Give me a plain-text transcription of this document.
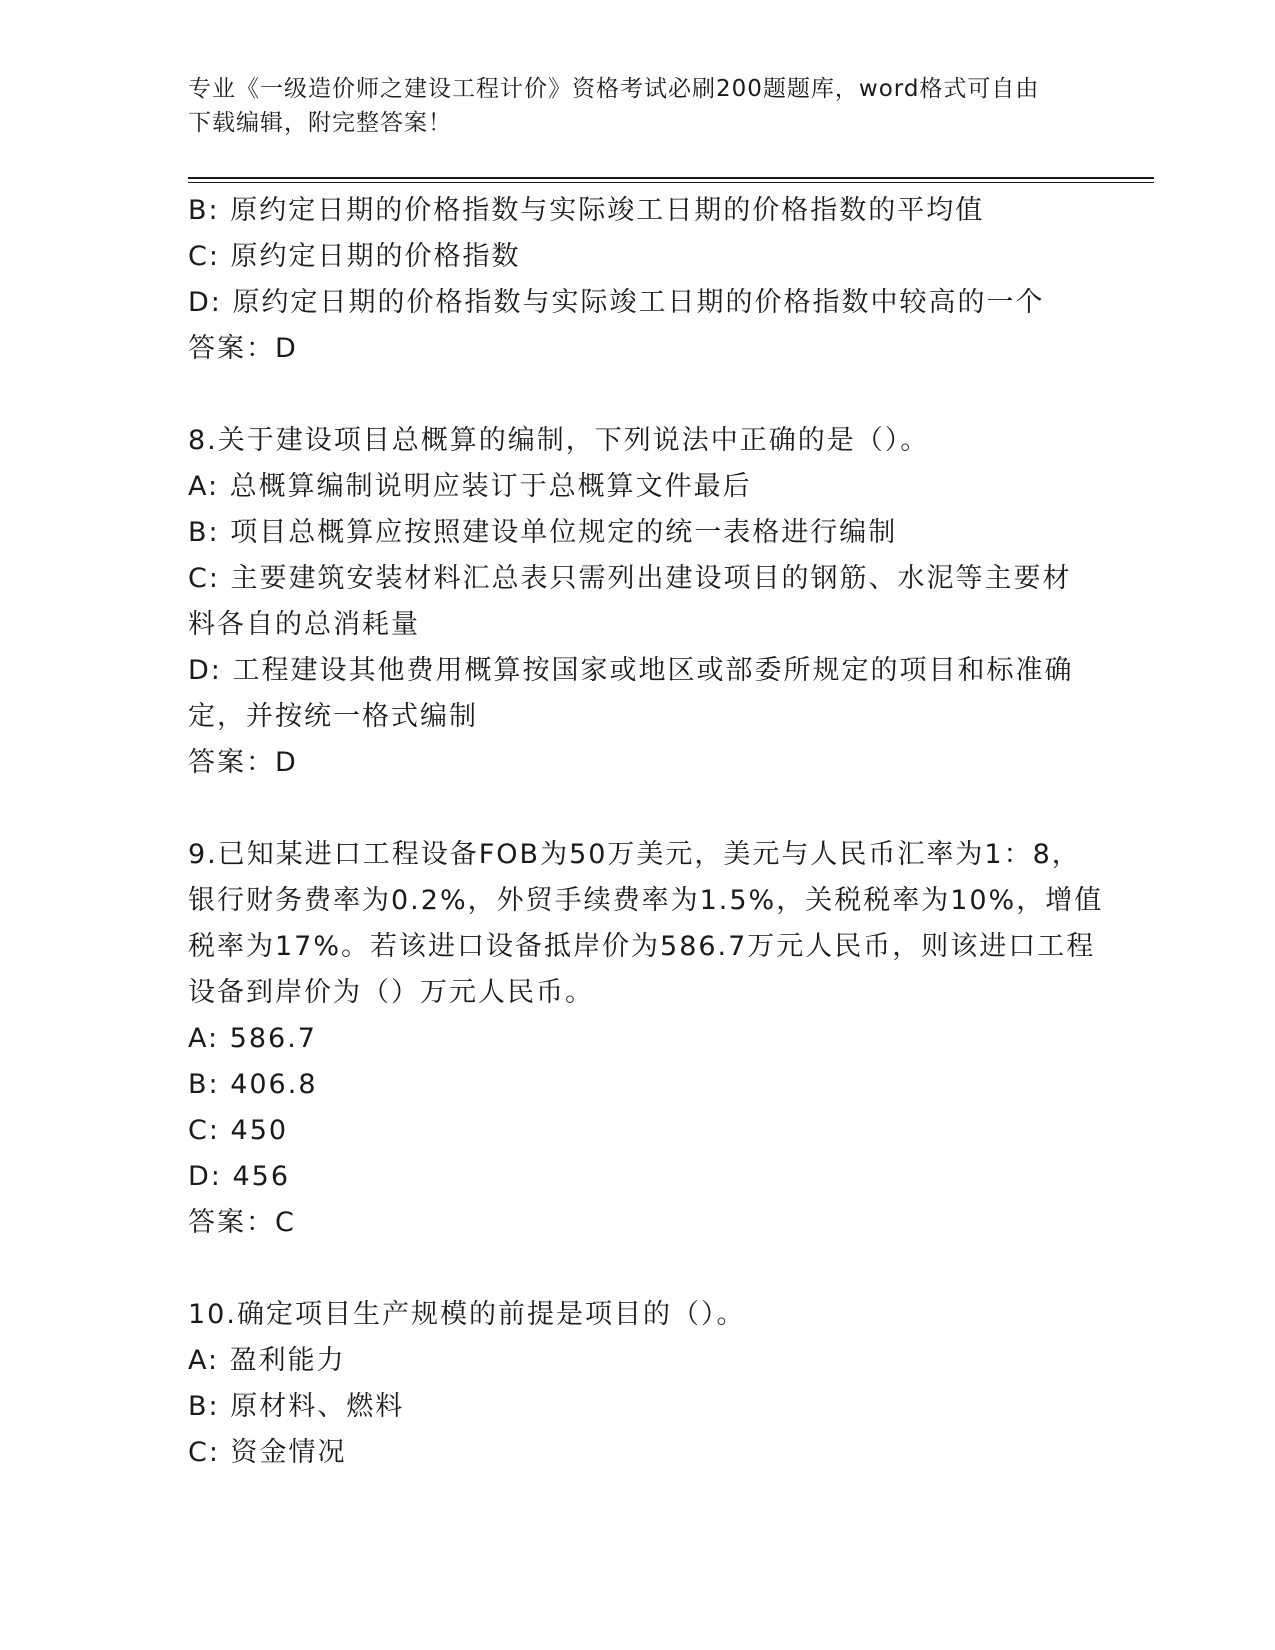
专业《一级造价师之建设工程计价》资格考试必刷200题题库，word格式可自由
下载编辑，附完整答案！
B: 原约定日期的价格指数与实际竣工日期的价格指数的平均值
C: 原约定日期的价格指数
D: 原约定日期的价格指数与实际竣工日期的价格指数中较高的一个
答案：D
8.关于建设项目总概算的编制，下列说法中正确的是（）。
A: 总概算编制说明应装订于总概算文件最后
B: 项目总概算应按照建设单位规定的统一表格进行编制
C: 主要建筑安装材料汇总表只需列出建设项目的钢筋、水泥等主要材
料各自的总消耗量
D: 工程建设其他费用概算按国家或地区或部委所规定的项目和标准确
定，并按统一格式编制
答案：D
9.已知某进口工程设备FOB为50万美元，美元与人民币汇率为1：8，
银行财务费率为0.2%，外贸手续费率为1.5%，关税税率为10%，增值
税率为17%。若该进口设备抵岸价为586.7万元人民币，则该进口工程
设备到岸价为（）万元人民币。
A: 586.7
B: 406.8
C: 450
D: 456
答案：C
10.确定项目生产规模的前提是项目的（）。
A: 盈利能力
B: 原材料、燃料
C: 资金情况
